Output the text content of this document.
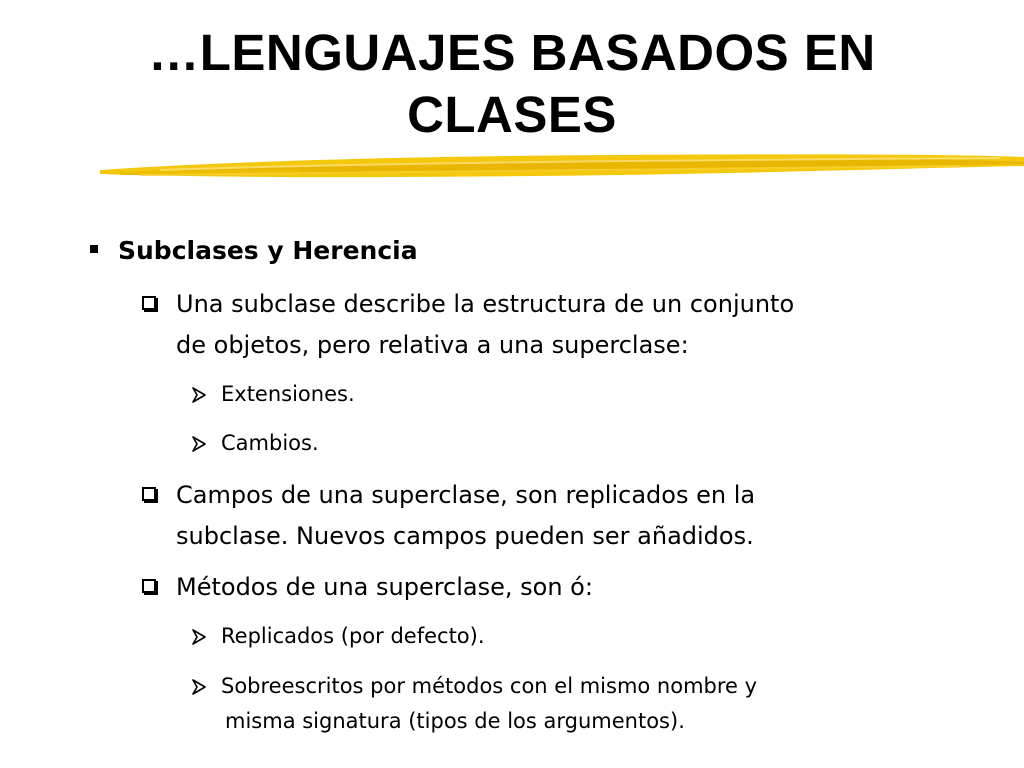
…LENGUAJES BASADOS EN
CLASES
Subclases y Herencia
Una subclase describe la estructura de un conjunto
de objetos, pero relativa a una superclase:
Extensiones.
Cambios.
Campos de una superclase, son replicados en la
subclase. Nuevos campos pueden ser añadidos.
Métodos de una superclase, son ó:
Replicados (por defecto).
Sobreescritos por métodos con el mismo nombre y
misma signatura (tipos de los argumentos).
